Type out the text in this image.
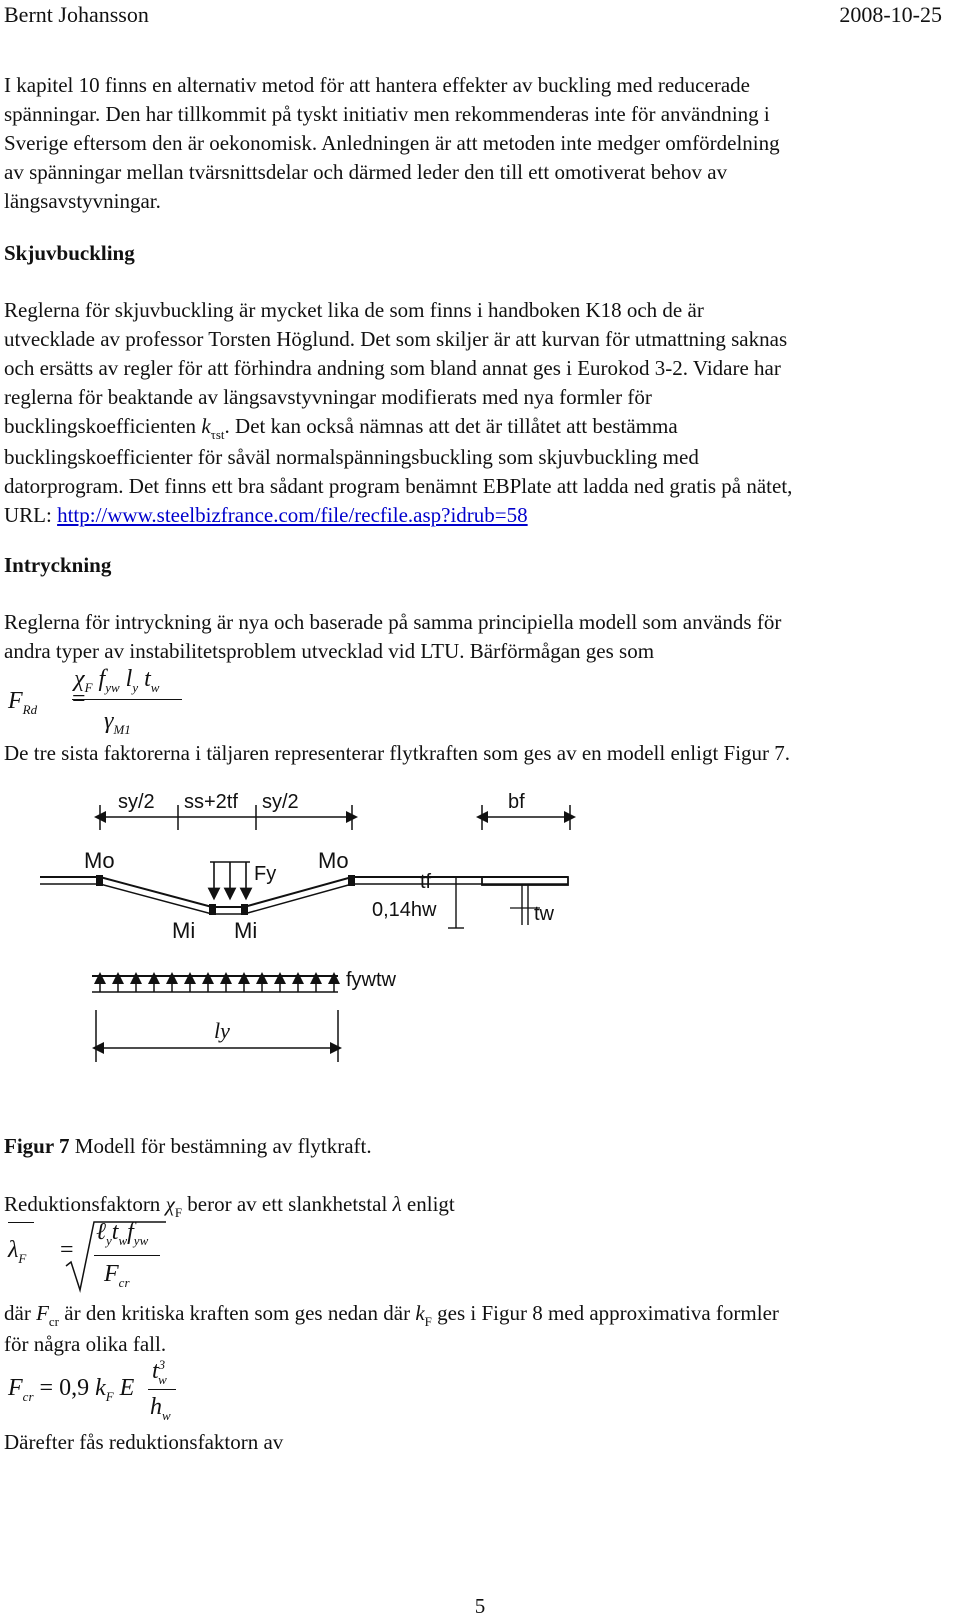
Bernt Johansson	2008-10-25
I kapitel 10 finns en alternativ metod för att hantera effekter av buckling med reducerade
spänningar. Den har tillkommit på tyskt initiativ men rekommenderas inte för användning i
Sverige eftersom den är oekonomisk. Anledningen är att metoden inte medger omfördelning
av spänningar mellan tvärsnittsdelar och därmed leder den till ett omotiverat behov av
längsavstyvningar.
Skjuvbuckling
Reglerna för skjuvbuckling är mycket lika de som finns i handboken K18 och de är
utvecklade av professor Torsten Höglund. Det som skiljer är att kurvan för utmattning saknas
och ersätts av regler för att förhindra andning som bland annat ges i Eurokod 3-2. Vidare har
reglerna för beaktande av längsavstyvningar modifierats med nya formler för
bucklingskoefficienten $k_{\tau st}$. Det kan också nämnas att det är tillåtet att bestämma
bucklingskoefficienter för såväl normalspänningsbuckling som skjuvbuckling med
datorprogram. Det finns ett bra sådant program benämnt EBPlate att ladda ned gratis på nätet,
URL: http://www.steelbizfrance.com/file/recfile.asp?idrub=58
Intryckning
Reglerna för intryckning är nya och baserade på samma principiella modell som används för
andra typer av instabilitetsproblem utvecklad vid LTU. Bärförmågan ges som
$F_{Rd}$ =
$\chi_F$ $f_{yw}$ $l_y$ $t_w$
$\gamma_{M1}$
De tre sista faktorerna i täljaren representerar flytkraften som ges av en modell enligt Figur 7.
sy/2 ss+2tf sy/2	bf
Mo	Mo
Mi Mi
Fy	tf
0,14hw	tw
fywtw
ly
Figur 7 Modell för bestämning av flytkraft.
Reduktionsfaktorn $\chi_F$ beror av ett slankhetstal λ enligt
$\lambda_F$ =
$\ell_yt_wf_{yw}$
$F_{cr}$
där $F_{cr}$ är den kritiska kraften som ges nedan där $k_F$ ges i Figur 8 med approximativa formler
för några olika fall.
$F_{cr} = 0,9$ $k_F$ E
$t^3_w$
$h_w$
Därefter fås reduktionsfaktorn av
5
